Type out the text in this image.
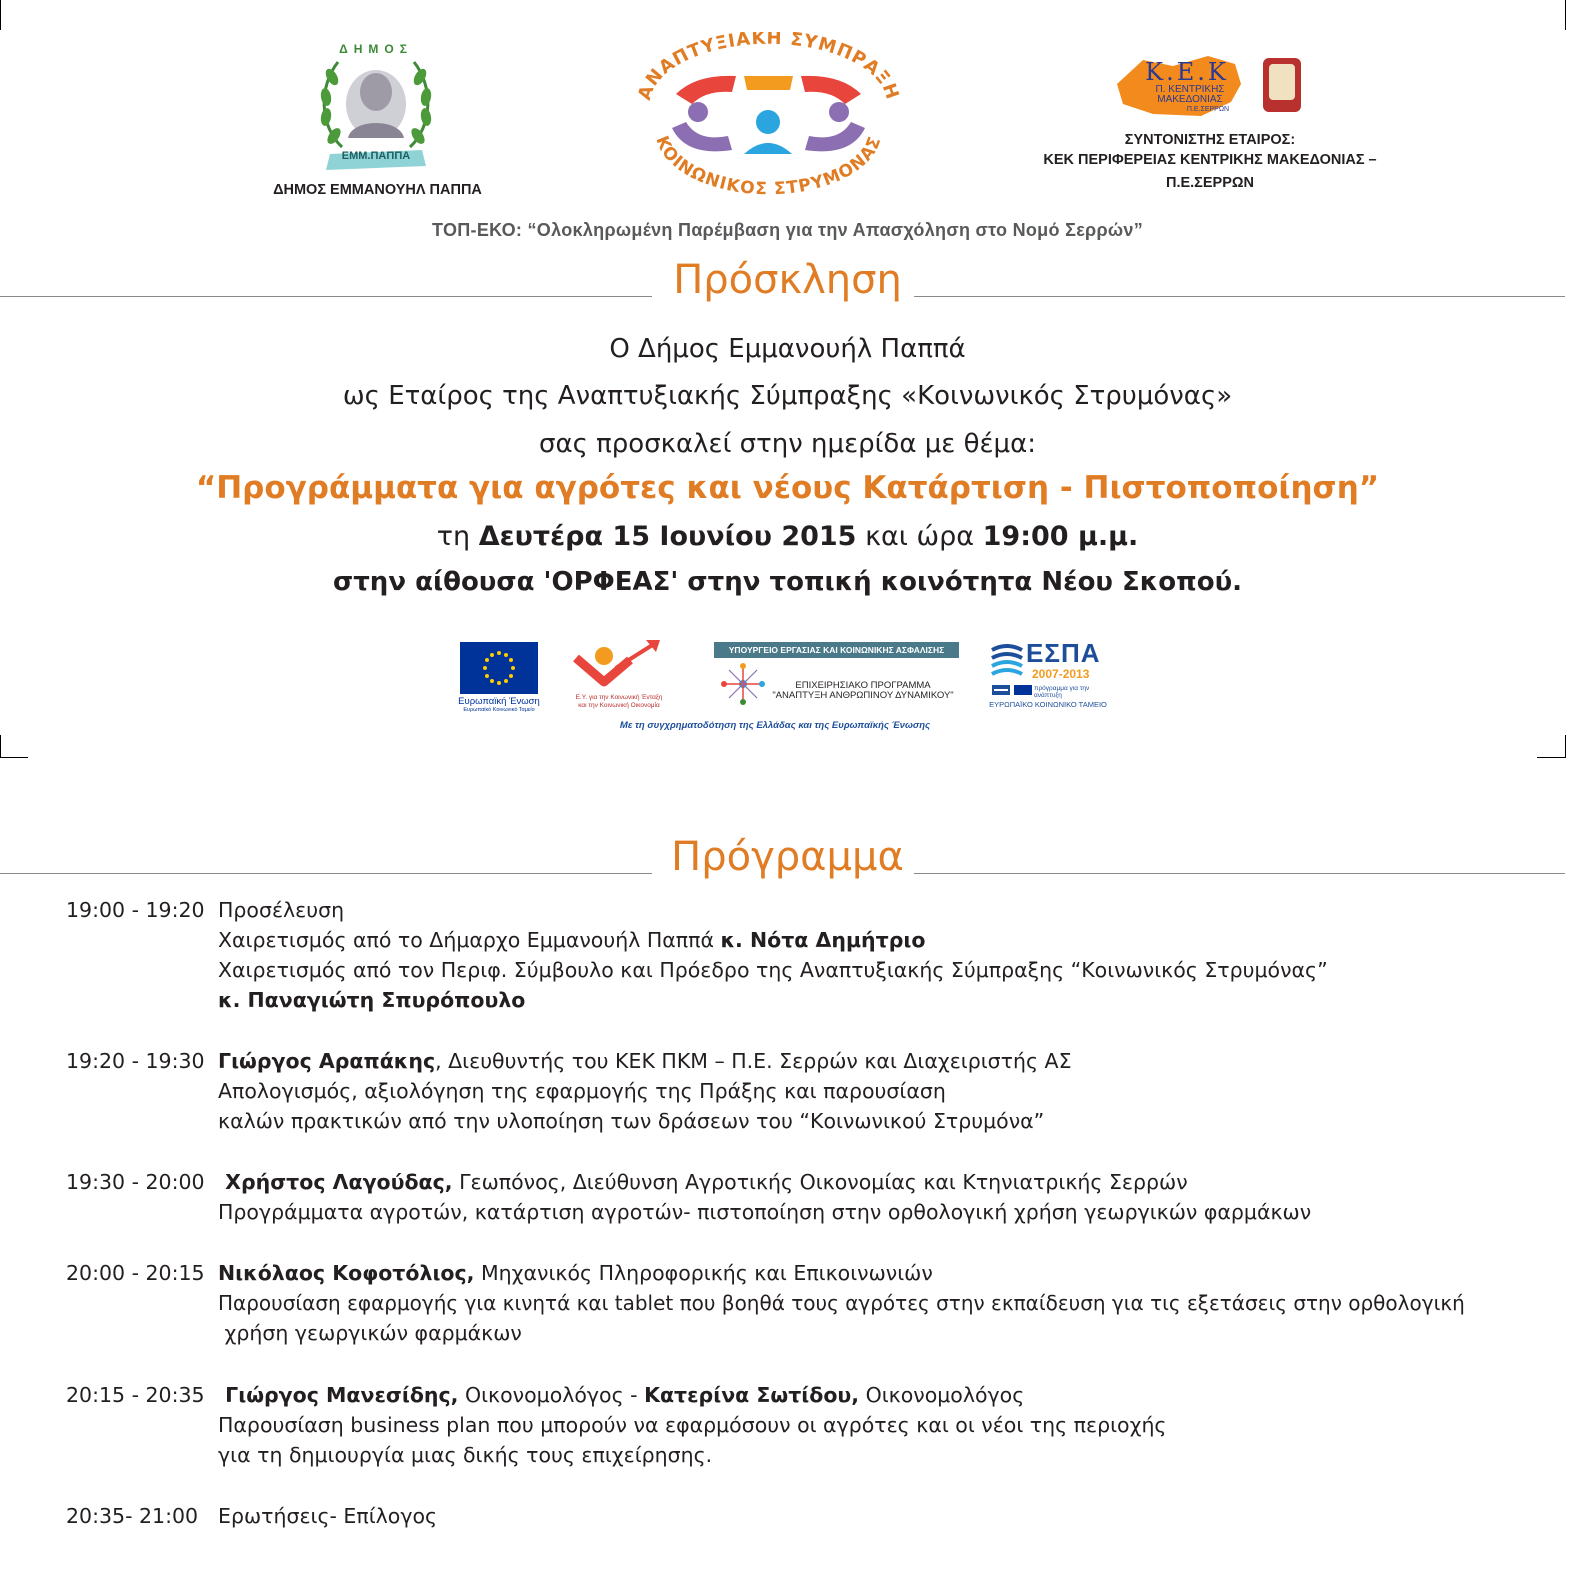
ΔΗΜΟΣ
ΕΜΜ.ΠΑΠΠΑ
ΔΗΜΟΣ ΕΜΜΑΝΟΥΗΛ ΠΑΠΠΑ
ΑΝΑΠΤΥΞΙΑΚΗ ΣΥΜΠΡΑΞΗ
ΚΟΙΝΩΝΙΚΟΣ ΣΤΡΥΜΟΝΑΣ
Κ.Ε.Κ
Π. ΚΕΝΤΡΙΚΗΣ
ΜΑΚΕΔΟΝΙΑΣ
Π.Ε.ΣΕΡΡΩΝ
ΣΥΝΤΟΝΙΣΤΗΣ ΕΤΑΙΡΟΣ:
ΚΕΚ ΠΕΡΙΦΕΡΕΙΑΣ ΚΕΝΤΡΙΚΗΣ ΜΑΚΕΔΟΝΙΑΣ –
Π.Ε.ΣΕΡΡΩΝ
ΤΟΠ-ΕΚΟ: “Ολοκληρωμένη Παρέμβαση για την Απασχόληση στο Νομό Σερρών”
Πρόσκληση
Ο Δήμος Εμμανουήλ Παππά
ως Εταίρος της Αναπτυξιακής Σύμπραξης «Κοινωνικός Στρυμόνας»
σας προσκαλεί στην ημερίδα με θέμα:
“Προγράμματα για αγρότες και νέους Κατάρτιση - Πιστοποποίηση”
τη Δευτέρα 15 Ιουνίου 2015 και ώρα 19:00 μ.μ.
στην αίθουσα 'ΟΡΦΕΑΣ' στην τοπική κοινότητα Νέου Σκοπού.
Ευρωπαϊκή Ένωση
Ευρωπαϊκό Κοινωνικό Ταμείο
Ε.Υ. για την Κοινωνική Ένταξη
και την Κοινωνική Οικονομία
ΥΠΟΥΡΓΕΙΟ ΕΡΓΑΣΙΑΣ ΚΑΙ ΚΟΙΝΩΝΙΚΗΣ ΑΣΦΑΛΙΣΗΣ
ΕΠΙΧΕΙΡΗΣΙΑΚΟ ΠΡΟΓΡΑΜΜΑ
"ΑΝΑΠΤΥΞΗ ΑΝΘΡΩΠΙΝΟΥ ΔΥΝΑΜΙΚΟΥ"
Με τη συγχρηματοδότηση της Ελλάδας και της Ευρωπαϊκής Ένωσης
ΕΣΠΑ
2007-2013
πρόγραμμα για την ανάπτυξη
ΕΥΡΩΠΑΪΚΟ ΚΟΙΝΩΝΙΚΟ ΤΑΜΕΙΟ
Πρόγραμμα
19:00 - 19:20 Προσέλευση
Χαιρετισμός από το Δήμαρχο Εμμανουήλ Παππά κ. Νότα Δημήτριο
Χαιρετισμός από τον Περιφ. Σύμβουλο και Πρόεδρο της Αναπτυξιακής Σύμπραξης “Κοινωνικός Στρυμόνας”
κ. Παναγιώτη Σπυρόπουλο
19:20 - 19:30 Γιώργος Αραπάκης, Διευθυντής του ΚΕΚ ΠΚΜ – Π.Ε. Σερρών και Διαχειριστής ΑΣ
Απολογισμός, αξιολόγηση της εφαρμογής της Πράξης και παρουσίαση
καλών πρακτικών από την υλοποίηση των δράσεων του “Κοινωνικού Στρυμόνα”
19:30 - 20:00 Χρήστος Λαγούδας, Γεωπόνος, Διεύθυνση Αγροτικής Οικονομίας και Κτηνιατρικής Σερρών
Προγράμματα αγροτών, κατάρτιση αγροτών- πιστοποίηση στην ορθολογική χρήση γεωργικών φαρμάκων
20:00 - 20:15 Νικόλαος Κοφοτόλιος, Μηχανικός Πληροφορικής και Επικοινωνιών
Παρουσίαση εφαρμογής για κινητά και tablet που βοηθά τους αγρότες στην εκπαίδευση για τις εξετάσεις στην ορθολογική
χρήση γεωργικών φαρμάκων
20:15 - 20:35 Γιώργος Μανεσίδης, Οικονομολόγος - Κατερίνα Σωτίδου, Οικονομολόγος
Παρουσίαση business plan που μπορούν να εφαρμόσουν οι αγρότες και οι νέοι της περιοχής
για τη δημιουργία μιας δικής τους επιχείρησης.
20:35- 21:00 Ερωτήσεις- Επίλογος
